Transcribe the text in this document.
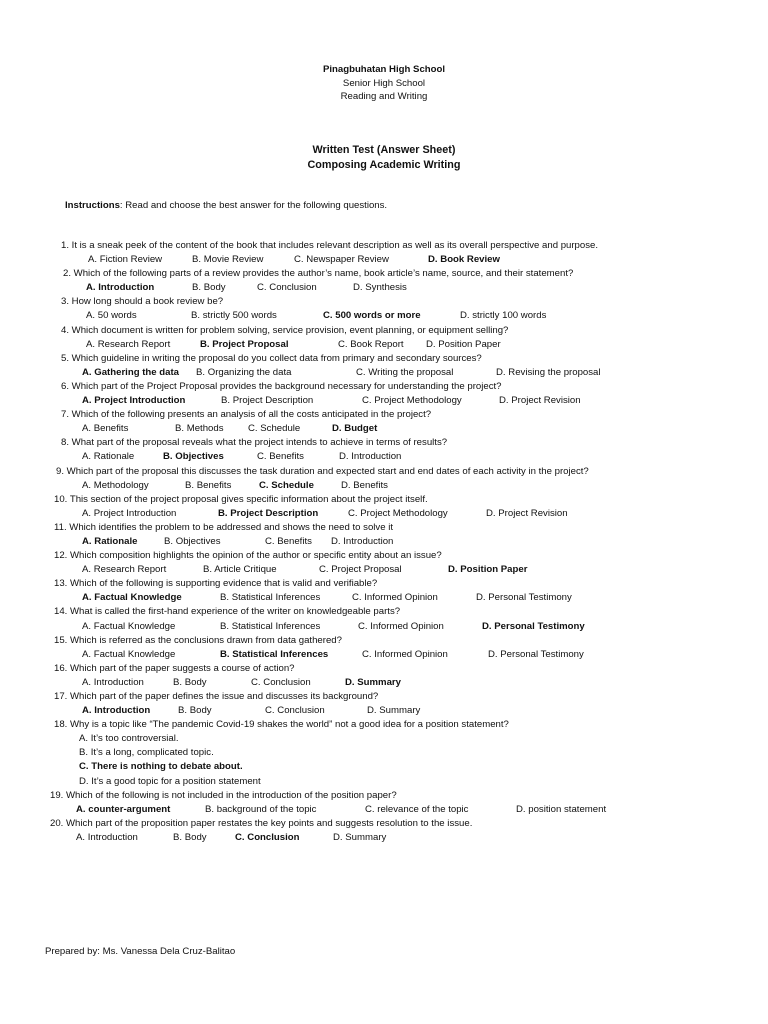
Pinagbuhatan High School
Senior High School
Reading and Writing
Written Test (Answer Sheet)
Composing Academic Writing
Instructions: Read and choose the best answer for the following questions.
1. It is a sneak peek of the content of the book that includes relevant description as well as its overall perspective and purpose.
A. Fiction Review	B. Movie Review	C. Newspaper Review	D. Book Review
2. Which of the following parts of a review provides the author’s name, book article’s name, source, and their statement?
A. Introduction	B. Body	C. Conclusion	D. Synthesis
3. How long should a book review be?
A. 50 words	B. strictly 500 words	C. 500 words or more	D. strictly 100 words
4. Which document is written for problem solving, service provision, event planning, or equipment selling?
A. Research Report	B. Project Proposal	C. Book Report D. Position Paper
5. Which guideline in writing the proposal do you collect data from primary and secondary sources?
A. Gathering the data B. Organizing the data	C. Writing the proposal	D. Revising the proposal
6. Which part of the Project Proposal provides the background necessary for understanding the project?
A. Project Introduction	B. Project Description	C. Project Methodology	D. Project Revision
7. Which of the following presents an analysis of all the costs anticipated in the project?
A. Benefits	B. Methods	C. Schedule	D. Budget
8. What part of the proposal reveals what the project intends to achieve in terms of results?
A. Rationale	B. Objectives	C. Benefits	D. Introduction
9. Which part of the proposal this discusses the task duration and expected start and end dates of each activity in the project?
A. Methodology	B. Benefits	C. Schedule	D. Benefits
10. This section of the project proposal gives specific information about the project itself.
A. Project Introduction	B. Project Description	C. Project Methodology	D. Project Revision
11. Which identifies the problem to be addressed and shows the need to solve it
A. Rationale	B. Objectives	C. Benefits D. Introduction
12. Which composition highlights the opinion of the author or specific entity about an issue?
A. Research Report	B. Article Critique	C. Project Proposal	D. Position Paper
13. Which of the following is supporting evidence that is valid and verifiable?
A. Factual Knowledge	B. Statistical Inferences	C. Informed Opinion	D. Personal Testimony
14. What is called the first-hand experience of the writer on knowledgeable parts?
A. Factual Knowledge	B. Statistical Inferences	C. Informed Opinion	D. Personal Testimony
15. Which is referred as the conclusions drawn from data gathered?
A. Factual Knowledge	B. Statistical Inferences	C. Informed Opinion	D. Personal Testimony
16. Which part of the paper suggests a course of action?
A. Introduction	B. Body	C. Conclusion	D. Summary
17. Which part of the paper defines the issue and discusses its background?
A. Introduction	B. Body	C. Conclusion	D. Summary
18. Why is a topic like “The pandemic Covid-19 shakes the world” not a good idea for a position statement?
A. It’s too controversial.
B. It’s a long, complicated topic.
C. There is nothing to debate about.
D. It’s a good topic for a position statement
19. Which of the following is not included in the introduction of the position paper?
A. counter-argument	B. background of the topic	C. relevance of the topic	D. position statement
20. Which part of the proposition paper restates the key points and suggests resolution to the issue.
A. Introduction	B. Body	C. Conclusion	D. Summary
Prepared by: Ms. Vanessa Dela Cruz-Balitao
